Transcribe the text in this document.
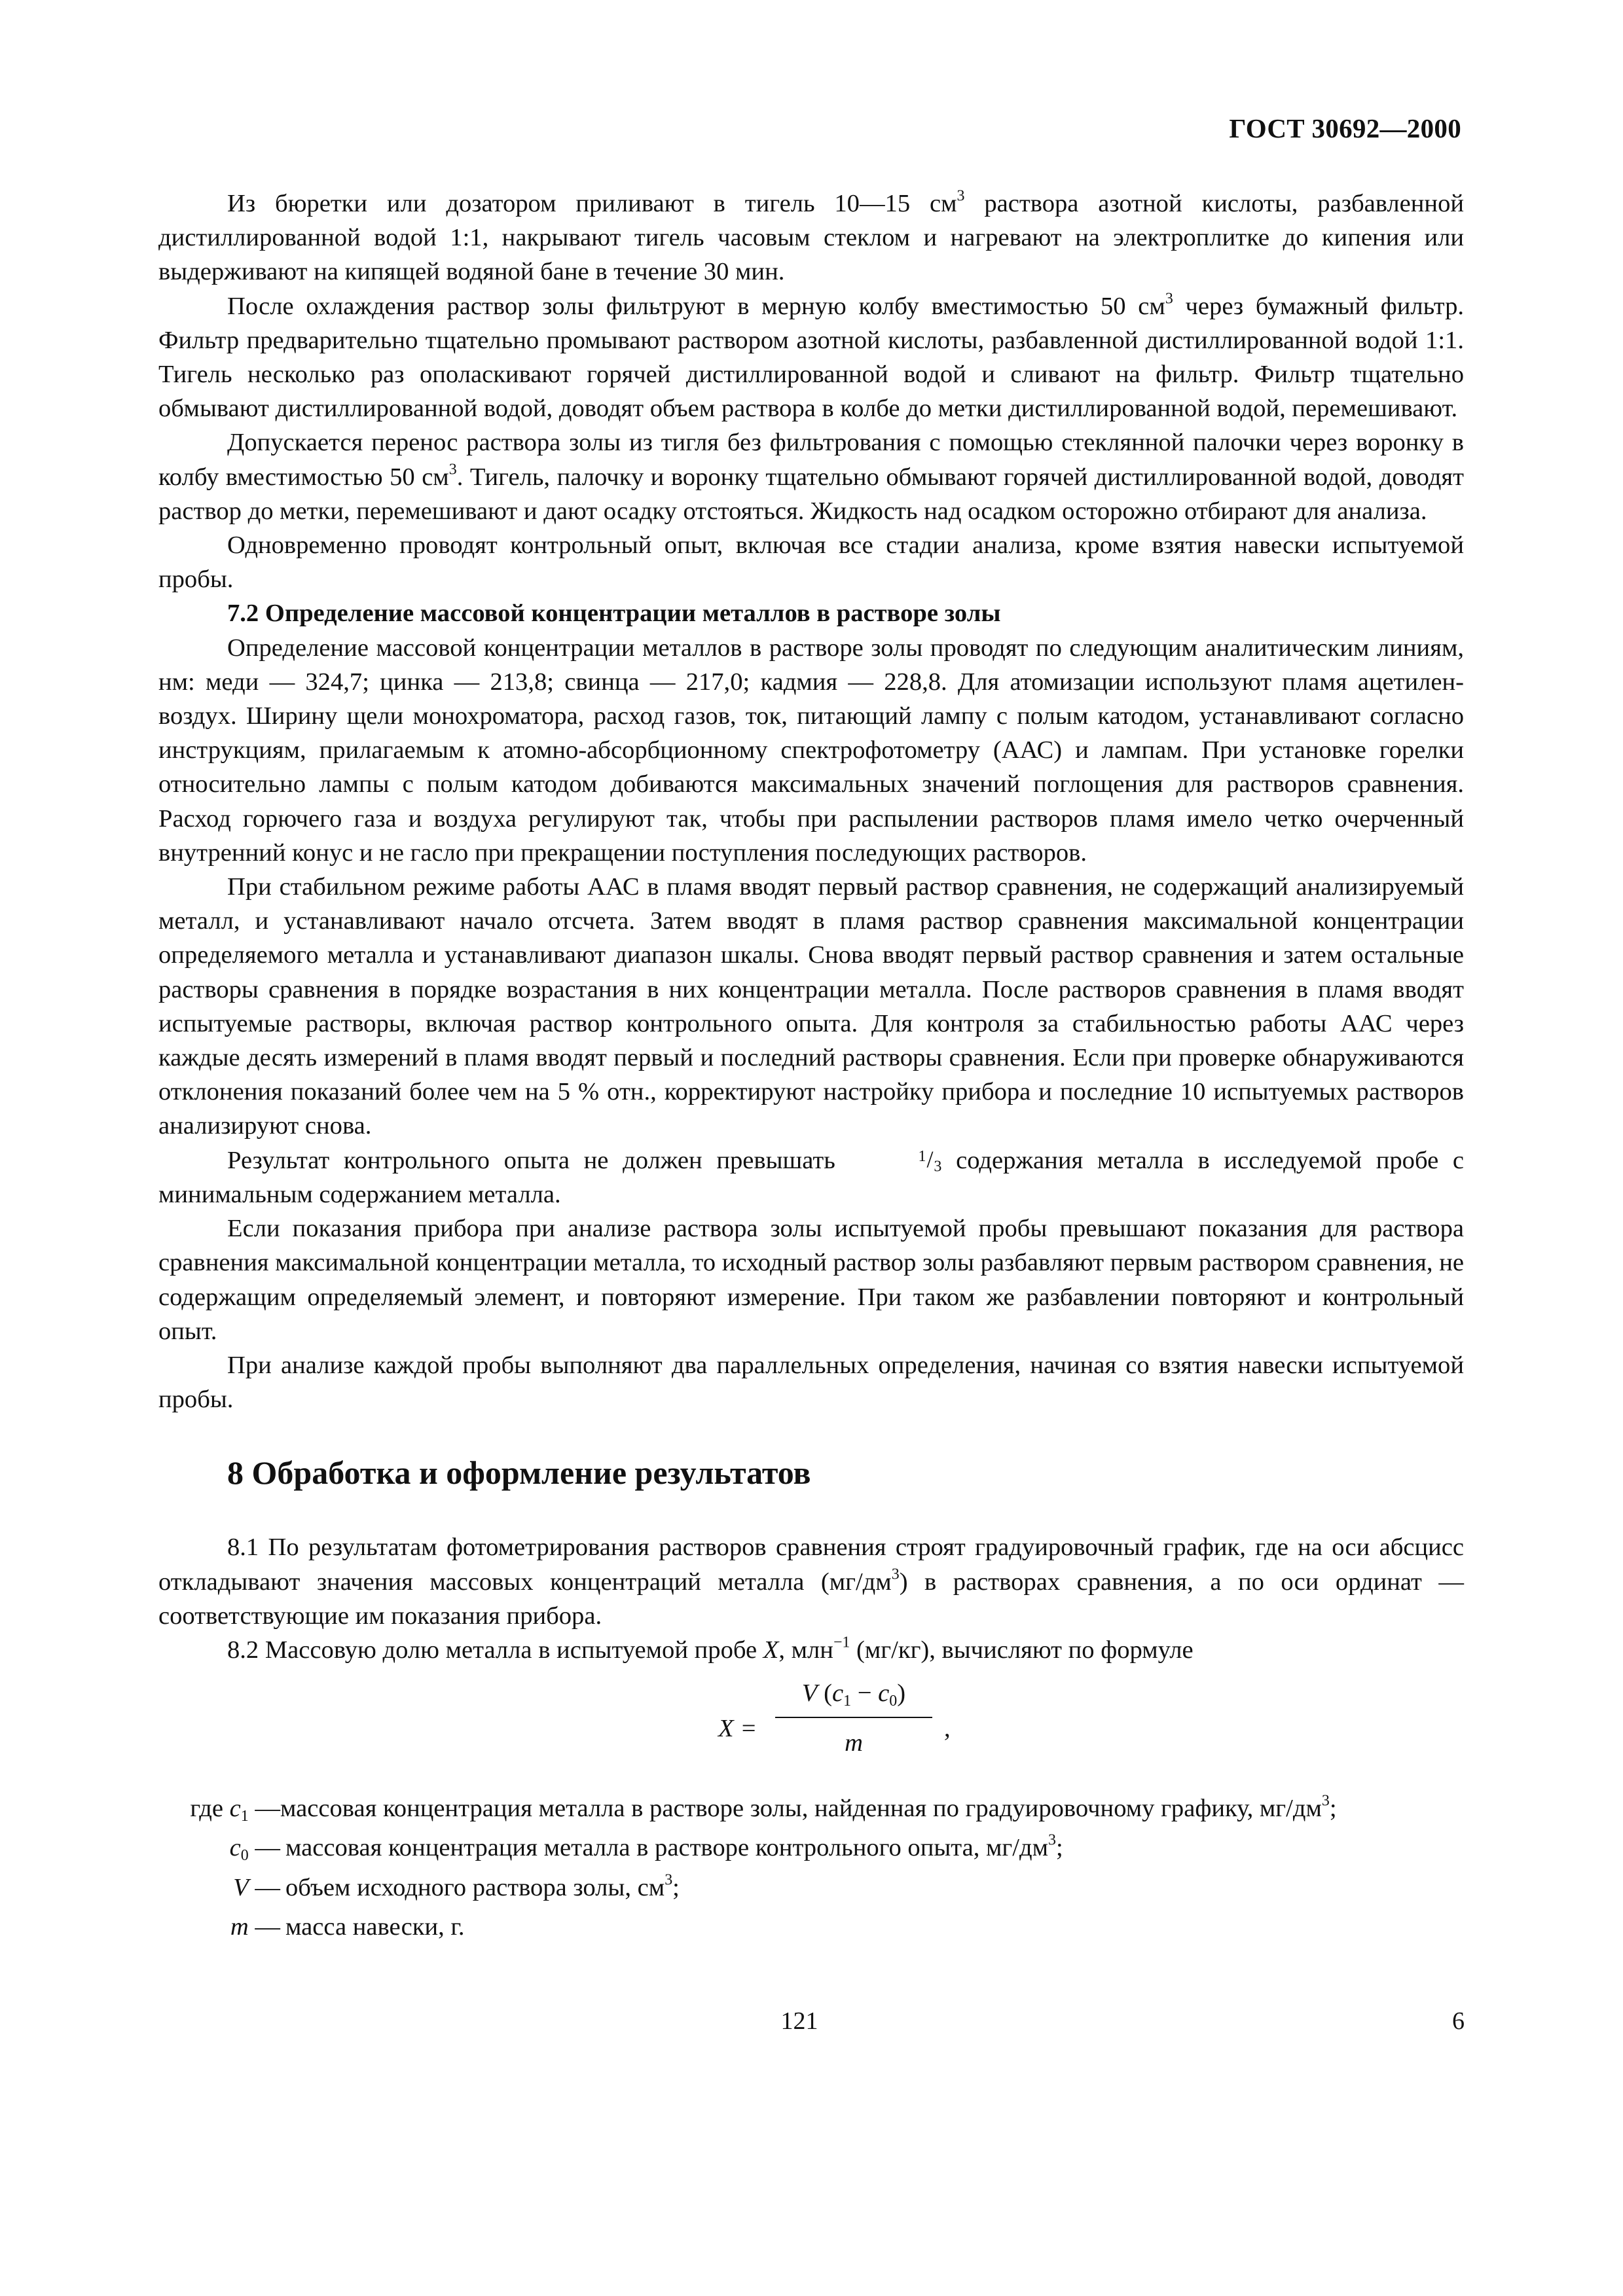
ГОСТ 30692—2000

Из бюретки или дозатором приливают в тигель 10—15 $см^3$ раствора азотной кислоты, разбавленной дистиллированной водой 1:1, накрывают тигель часовым стеклом и нагревают на электроплитке до кипения или выдерживают на кипящей водяной бане в течение 30 мин.

После охлаждения раствор золы фильтруют в мерную колбу вместимостью 50 $см^3$ через бумажный фильтр. Фильтр предварительно тщательно промывают раствором азотной кислоты, разбавленной дистиллированной водой 1:1. Тигель несколько раз ополаскивают горячей дистиллированной водой и сливают на фильтр. Фильтр тщательно обмывают дистиллированной водой, доводят объем раствора в колбе до метки дистиллированной водой, перемешивают.

Допускается перенос раствора золы из тигля без фильтрования с помощью стеклянной палочки через воронку в колбу вместимостью 50 $см^3$. Тигель, палочку и воронку тщательно обмывают горячей дистиллированной водой, доводят раствор до метки, перемешивают и дают осадку отстояться. Жидкость над осадком осторожно отбирают для анализа.

Одновременно проводят контрольный опыт, включая все стадии анализа, кроме взятия навески испытуемой пробы.

7.2 Определение массовой концентрации металлов в растворе золы

Определение массовой концентрации металлов в растворе золы проводят по следующим аналитическим линиям, нм: меди — 324,7; цинка — 213,8; свинца — 217,0; кадмия — 228,8. Для атомизации используют пламя ацетилен-воздух. Ширину щели монохроматора, расход газов, ток, питающий лампу с полым катодом, устанавливают согласно инструкциям, прилагаемым к атомно-абсорбционному спектрофотометру (ААС) и лампам. При установке горелки относительно лампы с полым катодом добиваются максимальных значений поглощения для растворов сравнения. Расход горючего газа и воздуха регулируют так, чтобы при распылении растворов пламя имело четко очерченный внутренний конус и не гасло при прекращении поступления последующих растворов.

При стабильном режиме работы ААС в пламя вводят первый раствор сравнения, не содержащий анализируемый металл, и устанавливают начало отсчета. Затем вводят в пламя раствор сравнения максимальной концентрации определяемого металла и устанавливают диапазон шкалы. Снова вводят первый раствор сравнения и затем остальные растворы сравнения в порядке возрастания в них концентрации металла. После растворов сравнения в пламя вводят испытуемые растворы, включая раствор контрольного опыта. Для контроля за стабильностью работы ААС через каждые десять измерений в пламя вводят первый и последний растворы сравнения. Если при проверке обнаруживаются отклонения показаний более чем на 5 % отн., корректируют настройку прибора и последние 10 испытуемых растворов анализируют снова.

Результат контрольного опыта не должен превышать	1/3 содержания металла в исследуемой пробе с минимальным содержанием металла.

Если показания прибора при анализе раствора золы испытуемой пробы превышают показания для раствора сравнения максимальной концентрации металла, то исходный раствор золы разбавляют первым раствором сравнения, не содержащим определяемый элемент, и повторяют измерение. При таком же разбавлении повторяют и контрольный опыт.

При анализе каждой пробы выполняют два параллельных определения, начиная со взятия навески испытуемой пробы.

8 Обработка и оформление результатов

8.1 По результатам фотометрирования растворов сравнения строят градуировочный график, где на оси абсцисс откладывают значения массовых концентраций металла $(мг/дм^3)$ в растворах сравнения, а по оси ординат — соответствующие им показания прибора.

8.2 Массовую долю металла в испытуемой пробе X, млн$^{-1}$ (мг/кг), вычисляют по формуле

X =
V $(c_1 - c_0)$
m
,
где $c_1$ — массовая концентрация металла в растворе золы, найденная по градуировочному графику, $мг/дм^3$;
$c_0$ — массовая концентрация металла в растворе контрольного опыта, $мг/дм^3$;
V — объем исходного раствора золы, $см^3$;
m — масса навески, г.
121	6
